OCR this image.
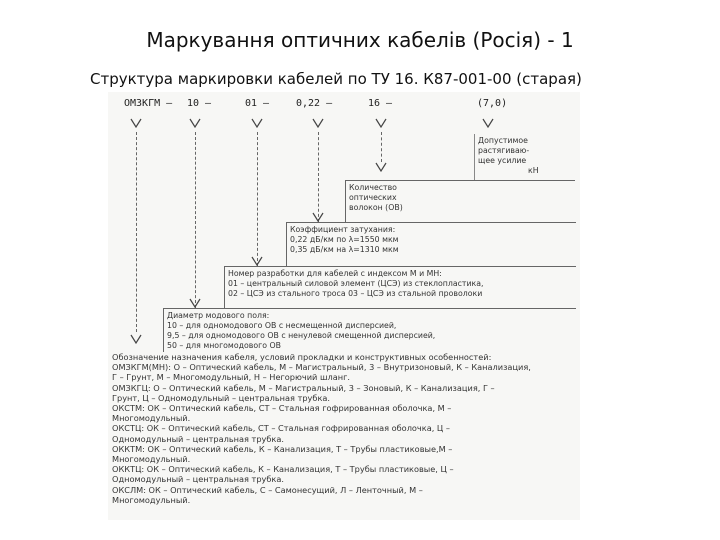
Маркування оптичних кабелів (Росія) - 1
Структура маркировки кабелей по ТУ 16. К87-001-00 (старая)
ОМЗКГМ — 10 —	01 —	0,22 —	16 —	(7,0)
Допустимое
растягиваю-
щее усилие
кН
Количество
оптических
волокон (ОВ)
Коэффициент затухания:
0,22 дБ/км по λ=1550 мкм
0,35 дБ/км на λ=1310 мкм
Номер разработки для кабелей с индексом М и МН:
01 – центральный силовой элемент (ЦСЭ) из стеклопластика,
02 – ЦСЭ из стального троса 03 – ЦСЭ из стальной проволоки
Диаметр модового поля:
10 – для одномодового ОВ с несмещенной дисперсией,
9,5 – для одномодового ОВ с ненулевой смещенной дисперсией,
50 – для многомодового ОВ
Обозначение назначения кабеля, условий прокладки и конструктивных особенностей:
ОМЗКГМ(МН): О – Оптический кабель, М – Магистральный, 3 – Внутризоновый, К – Канализация,
Г – Грунт, М – Многомодульный, Н – Негорючий шланг.
ОМЗКГЦ: О – Оптический кабель, М – Магистральный, 3 – Зоновый, К – Канализация, Г –
Грунт, Ц – Одномодульный – центральная трубка.
ОКСТМ: ОК – Оптический кабель, СТ – Стальная гофрированная оболочка, М –
Многомодульный.
ОКСТЦ: ОК – Оптический кабель, СТ – Стальная гофрированная оболочка, Ц –
Одномодульный – центральная трубка.
ОККТМ: ОК – Оптический кабель, К – Канализация, Т – Трубы пластиковые,М –
Многомодульный.
ОККТЦ: ОК – Оптический кабель, К – Канализация, Т – Трубы пластиковые, Ц –
Одномодульный – центральная трубка.
ОКСЛМ: ОК – Оптический кабель, С – Самонесущий, Л – Ленточный, М –
Многомодульный.
